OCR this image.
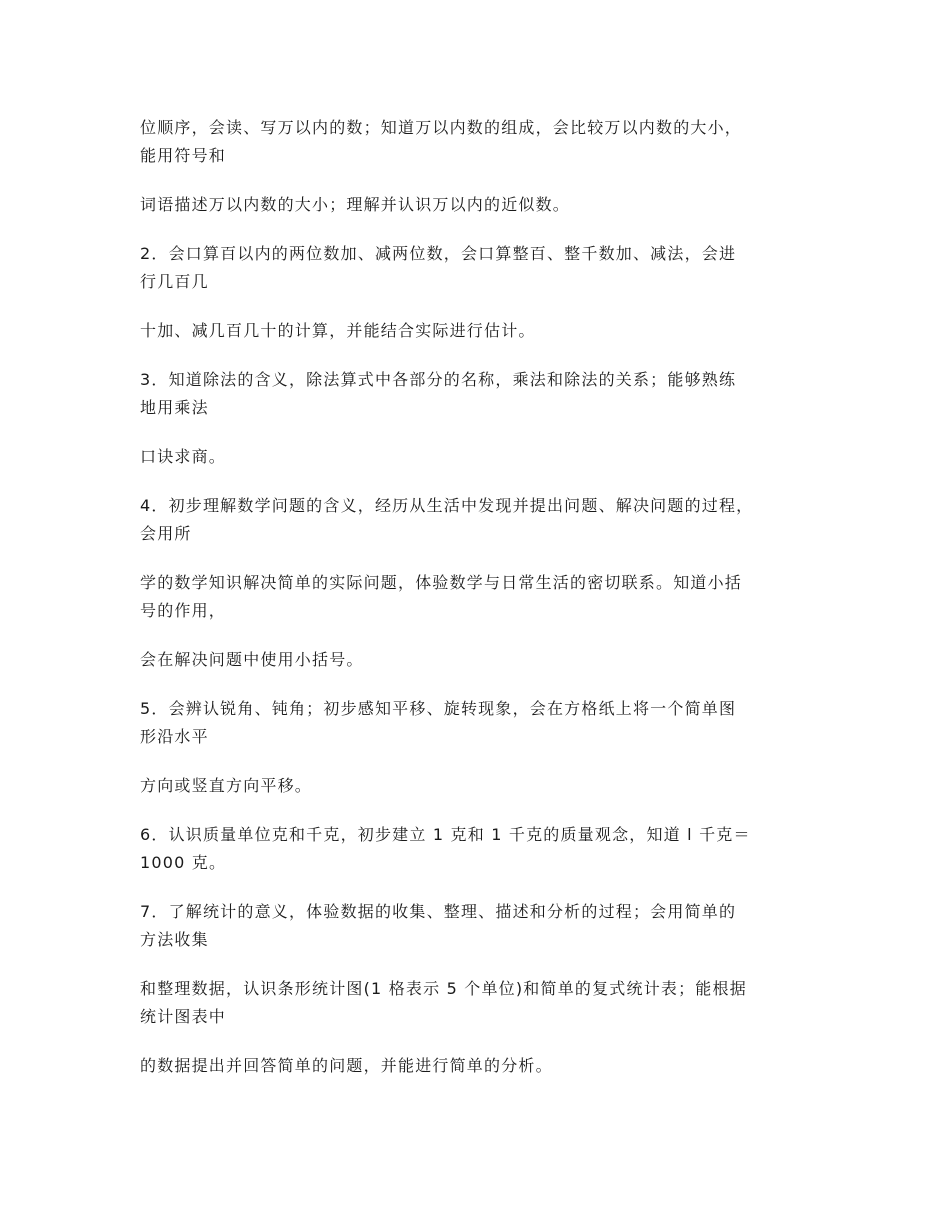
位顺序，会读、写万以内的数；知道万以内数的组成，会比较万以内数的大小，
能用符号和

词语描述万以内数的大小；理解并认识万以内的近似数。

2．会口算百以内的两位数加、减两位数，会口算整百、整千数加、减法，会进
行几百几

十加、减几百几十的计算，并能结合实际进行估计。

3．知道除法的含义，除法算式中各部分的名称，乘法和除法的关系；能够熟练
地用乘法

口诀求商。

4．初步理解数学问题的含义，经历从生活中发现并提出问题、解决问题的过程，
会用所

学的数学知识解决简单的实际问题，体验数学与日常生活的密切联系。知道小括
号的作用，

会在解决问题中使用小括号。

5．会辨认锐角、钝角；初步感知平移、旋转现象，会在方格纸上将一个简单图
形沿水平

方向或竖直方向平移。

6．认识质量单位克和千克，初步建立 1 克和 1 千克的质量观念，知道 l 千克＝
1000 克。

7．了解统计的意义，体验数据的收集、整理、描述和分析的过程；会用简单的
方法收集

和整理数据，认识条形统计图(1 格表示 5 个单位)和简单的复式统计表；能根据
统计图表中

的数据提出并回答简单的问题，并能进行简单的分析。
